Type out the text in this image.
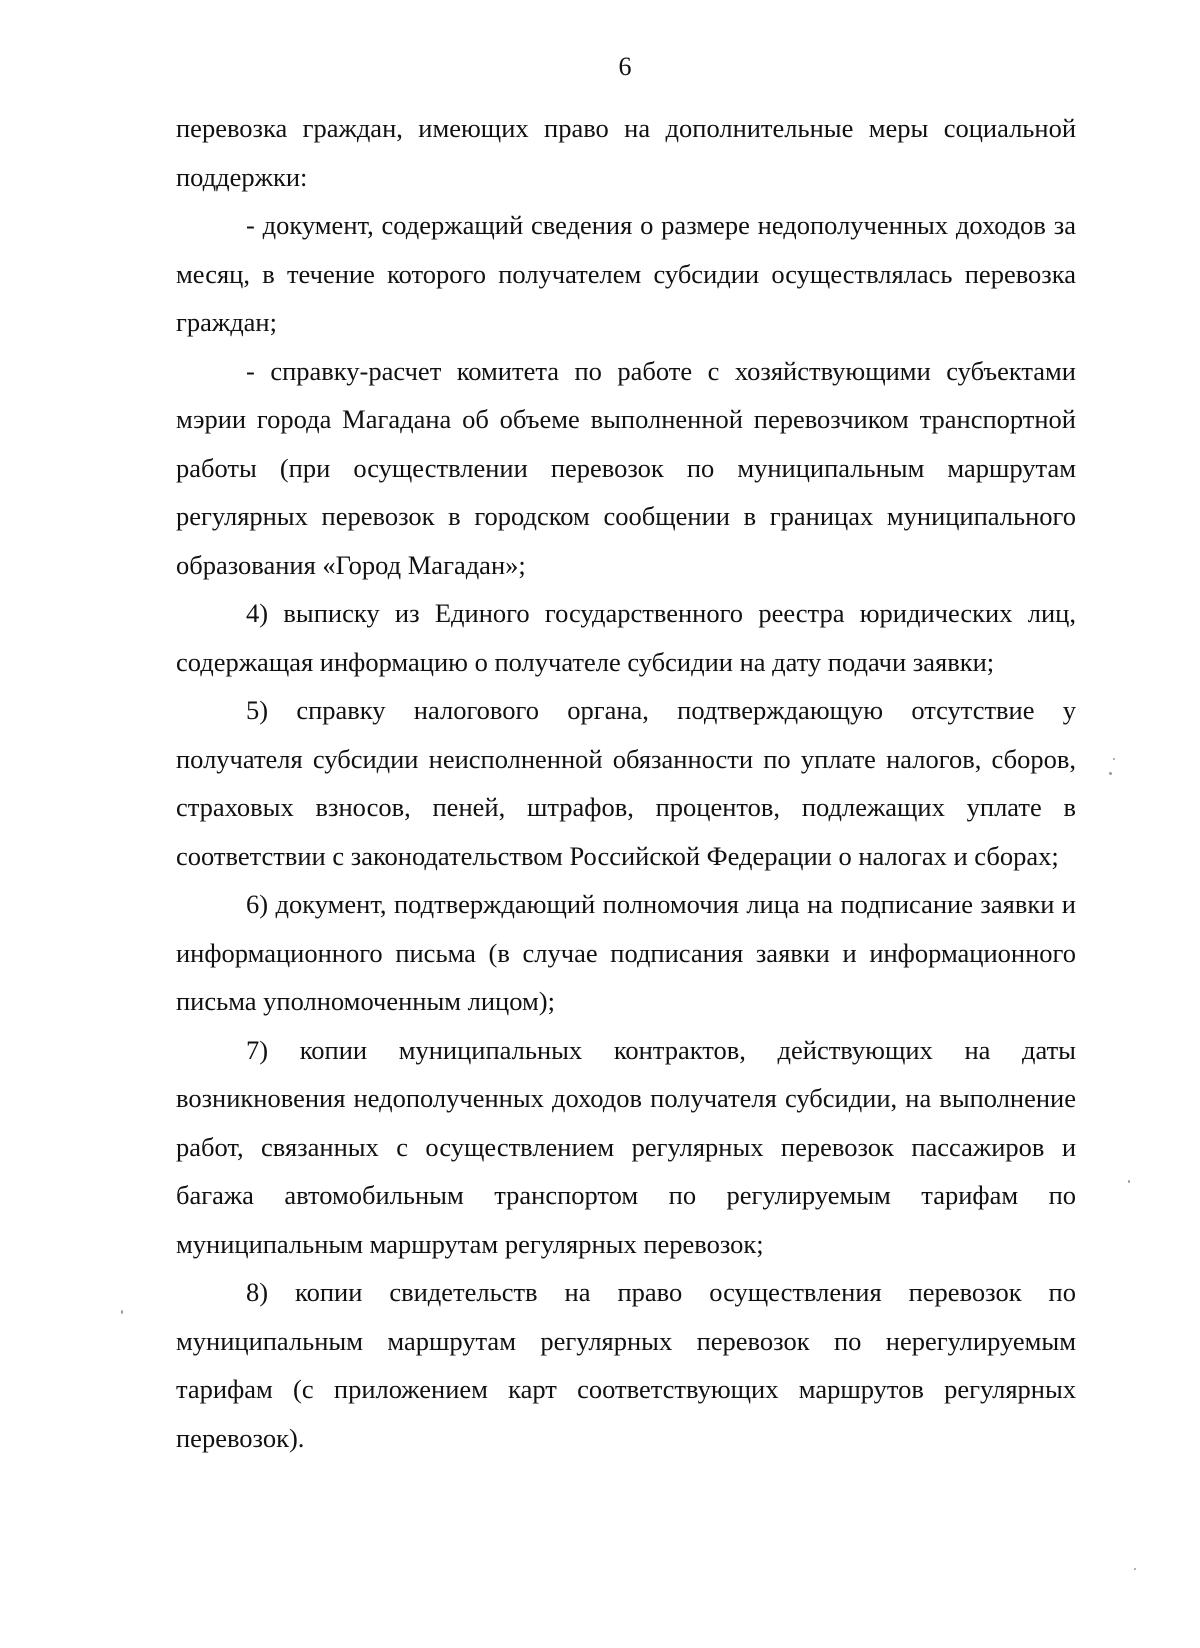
6

перевозка граждан, имеющих право на дополнительные меры социальной поддержки:

- документ, содержащий сведения о размере недополученных доходов за месяц, в течение которого получателем субсидии осуществлялась перевозка граждан;

- справку-расчет комитета по работе с хозяйствующими субъектами мэрии города Магадана об объеме выполненной перевозчиком транспортной работы (при осуществлении перевозок по муниципальным маршрутам регулярных перевозок в городском сообщении в границах муниципального образования «Город Магадан»;

4) выписку из Единого государственного реестра юридических лиц, содержащая информацию о получателе субсидии на дату подачи заявки;

5) справку налогового органа, подтверждающую отсутствие у получателя субсидии неисполненной обязанности по уплате налогов, сборов, страховых взносов, пеней, штрафов, процентов, подлежащих уплате в соответствии с законодательством Российской Федерации о налогах и сборах;

6) документ, подтверждающий полномочия лица на подписание заявки и информационного письма (в случае подписания заявки и информационного письма уполномоченным лицом);

7) копии муниципальных контрактов, действующих на даты возникновения недополученных доходов получателя субсидии, на выполнение работ, связанных с осуществлением регулярных перевозок пассажиров и багажа автомобильным транспортом по регулируемым тарифам по муниципальным маршрутам регулярных перевозок;

8) копии свидетельств на право осуществления перевозок по муниципальным маршрутам регулярных перевозок по нерегулируемым тарифам (с приложением карт соответствующих маршрутов регулярных перевозок).
